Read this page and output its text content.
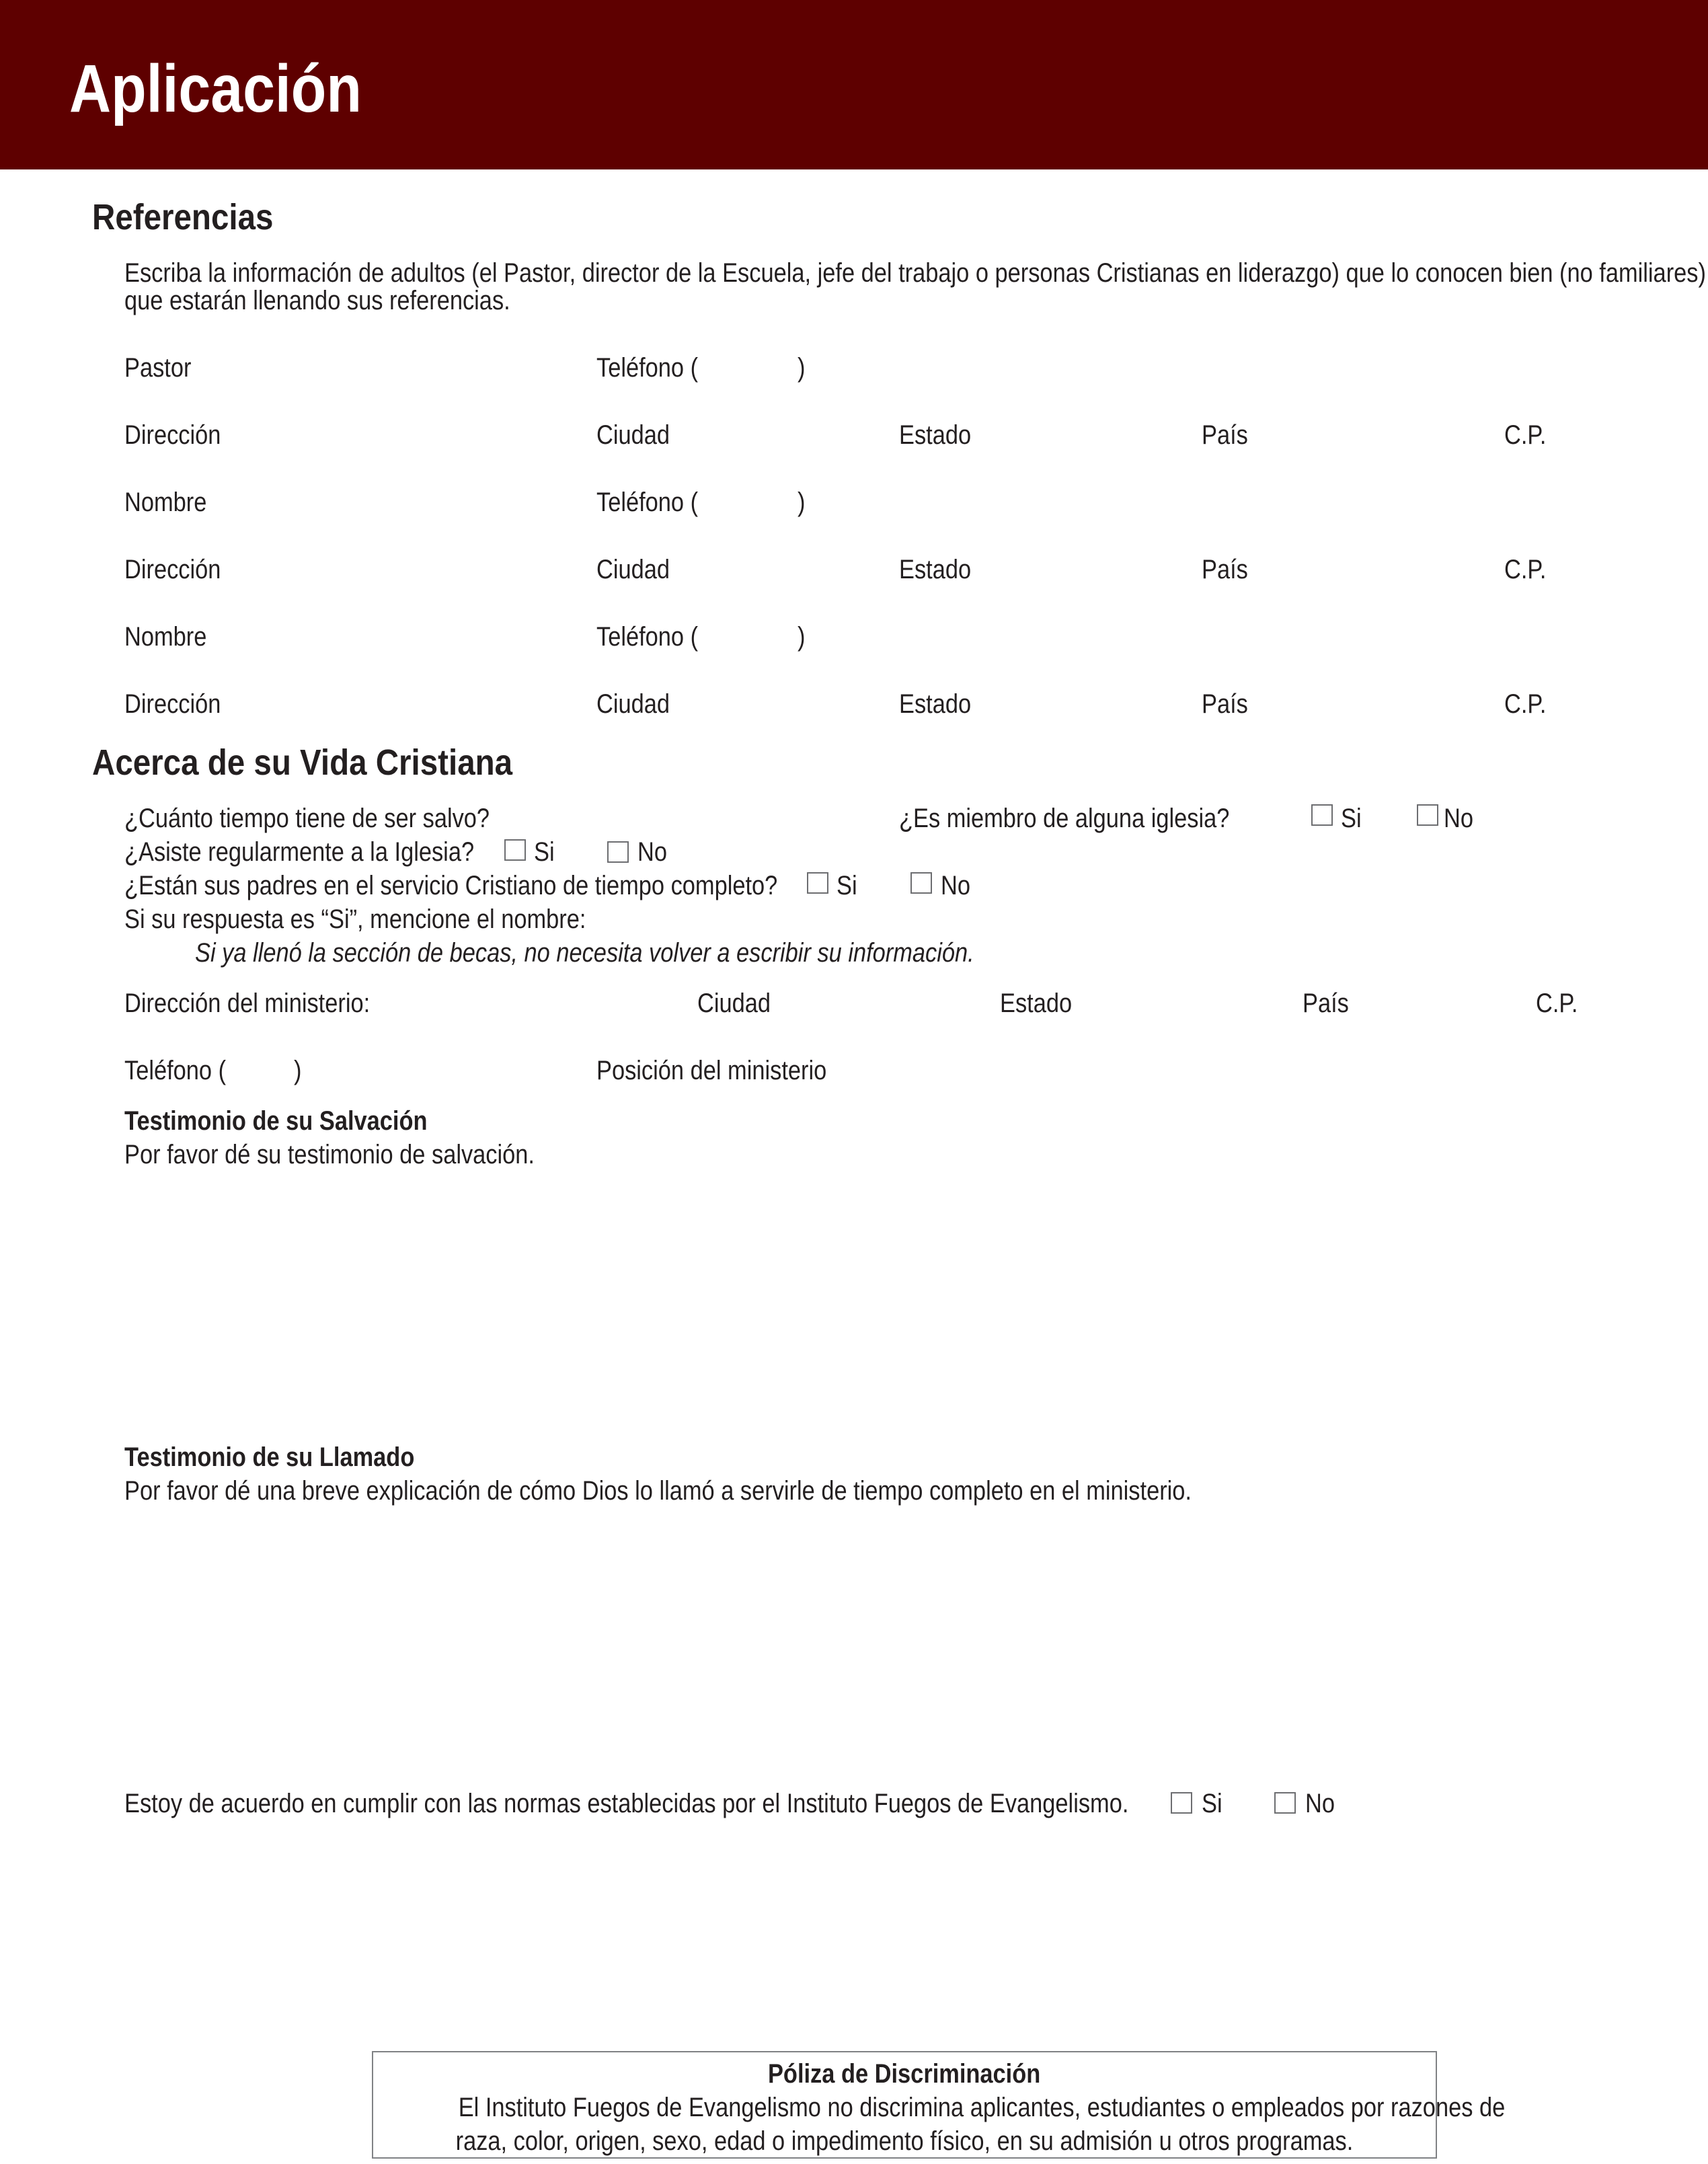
Aplicación
Referencias
Escriba la información de adultos (el Pastor, director de la Escuela, jefe del trabajo o personas Cristianas en liderazgo) que lo conocen bien (no familiares)
que estarán llenando sus referencias.
Pastor	Teléfono (	)
Dirección	Ciudad	Estado	País	C.P.
Nombre	Teléfono (	)
Dirección	Ciudad	Estado	País	C.P.
Nombre	Teléfono (	)
Dirección	Ciudad	Estado	País	C.P.
Acerca de su Vida Cristiana
¿Cuánto tiempo tiene de ser salvo?	¿Es miembro de alguna iglesia?	Si	No
¿Asiste regularmente a la Iglesia? Si	No
¿Están sus padres en el servicio Cristiano de tiempo completo? Si	No
Si su respuesta es “Si”, mencione el nombre:
Si ya llenó la sección de becas, no necesita volver a escribir su información.
Dirección del ministerio:	Ciudad	Estado	País	C.P.
Teléfono (	)	Posición del ministerio
Testimonio de su Salvación
Por favor dé su testimonio de salvación.
Testimonio de su Llamado
Por favor dé una breve explicación de cómo Dios lo llamó a servirle de tiempo completo en el ministerio.
Estoy de acuerdo en cumplir con las normas establecidas por el Instituto Fuegos de Evangelismo.	Si	No
Póliza de Discriminación
El Instituto Fuegos de Evangelismo no discrimina aplicantes, estudiantes o empleados por razones de
raza, color, origen, sexo, edad o impedimento físico, en su admisión u otros programas.
